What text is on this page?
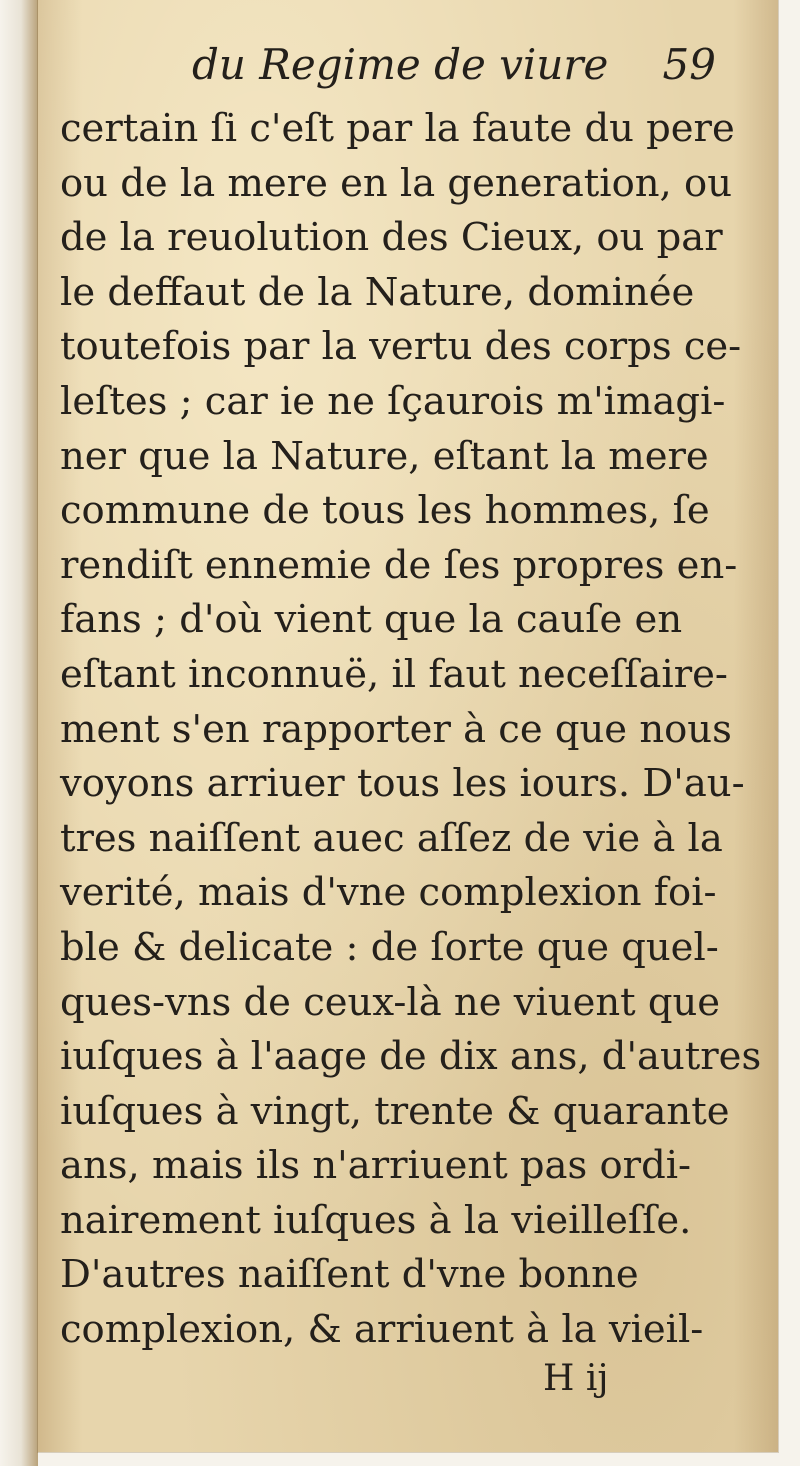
du Regime de viure 59
certain ſi c'eſt par la faute du pere
ou de la mere en la generation, ou
de la reuolution des Cieux, ou par
le deffaut de la Nature, dominée
toutefois par la vertu des corps ce-
leſtes ; car ie ne ſçaurois m'imagi-
ner que la Nature, eſtant la mere
commune de tous les hommes, ſe
rendiſt ennemie de ſes propres en-
fans ; d'où vient que la cauſe en
eſtant inconnuë, il faut neceſſaire-
ment s'en rapporter à ce que nous
voyons arriuer tous les iours. D'au-
tres naiſſent auec aſſez de vie à la
verité, mais d'vne complexion foi-
ble & delicate : de ſorte que quel-
ques-vns de ceux-là ne viuent que
iuſques à l'aage de dix ans, d'autres
iuſques à vingt, trente & quarante
ans, mais ils n'arriuent pas ordi-
nairement iuſques à la vieilleſſe.
D'autres naiſſent d'vne bonne
complexion, & arriuent à la vieil-
H ij
